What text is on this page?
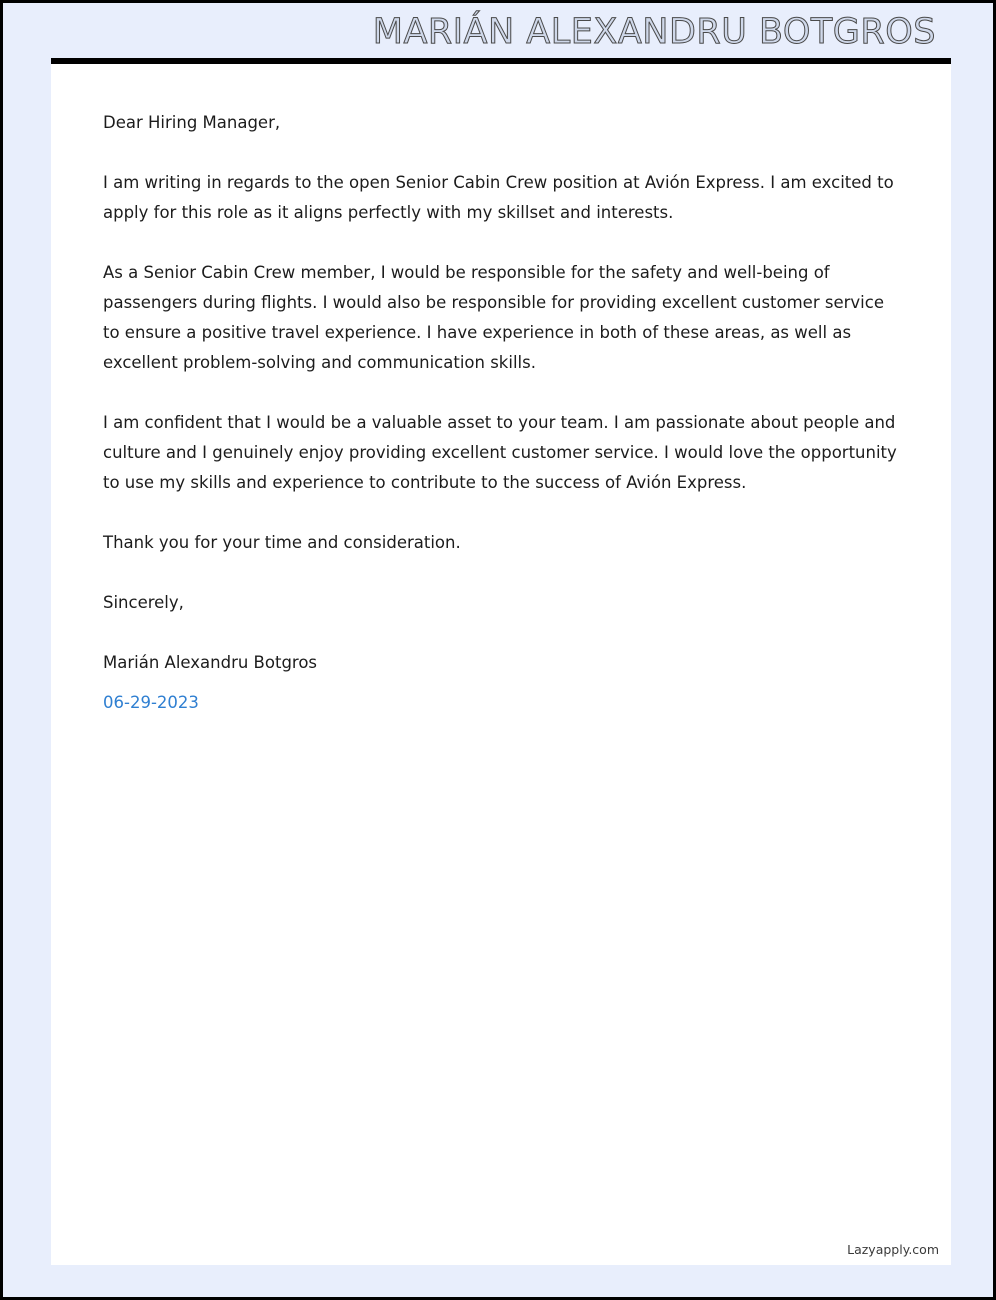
MARIÁN ALEXANDRU BOTGROS

Dear Hiring Manager,

I am writing in regards to the open Senior Cabin Crew position at Avión Express. I am excited to apply for this role as it aligns perfectly with my skillset and interests.

As a Senior Cabin Crew member, I would be responsible for the safety and well-being of passengers during flights. I would also be responsible for providing excellent customer service to ensure a positive travel experience. I have experience in both of these areas, as well as excellent problem-solving and communication skills.

I am confident that I would be a valuable asset to your team. I am passionate about people and culture and I genuinely enjoy providing excellent customer service. I would love the opportunity to use my skills and experience to contribute to the success of Avión Express.

Thank you for your time and consideration.

Sincerely,

Marián Alexandru Botgros

06-29-2023

Lazyapply.com
